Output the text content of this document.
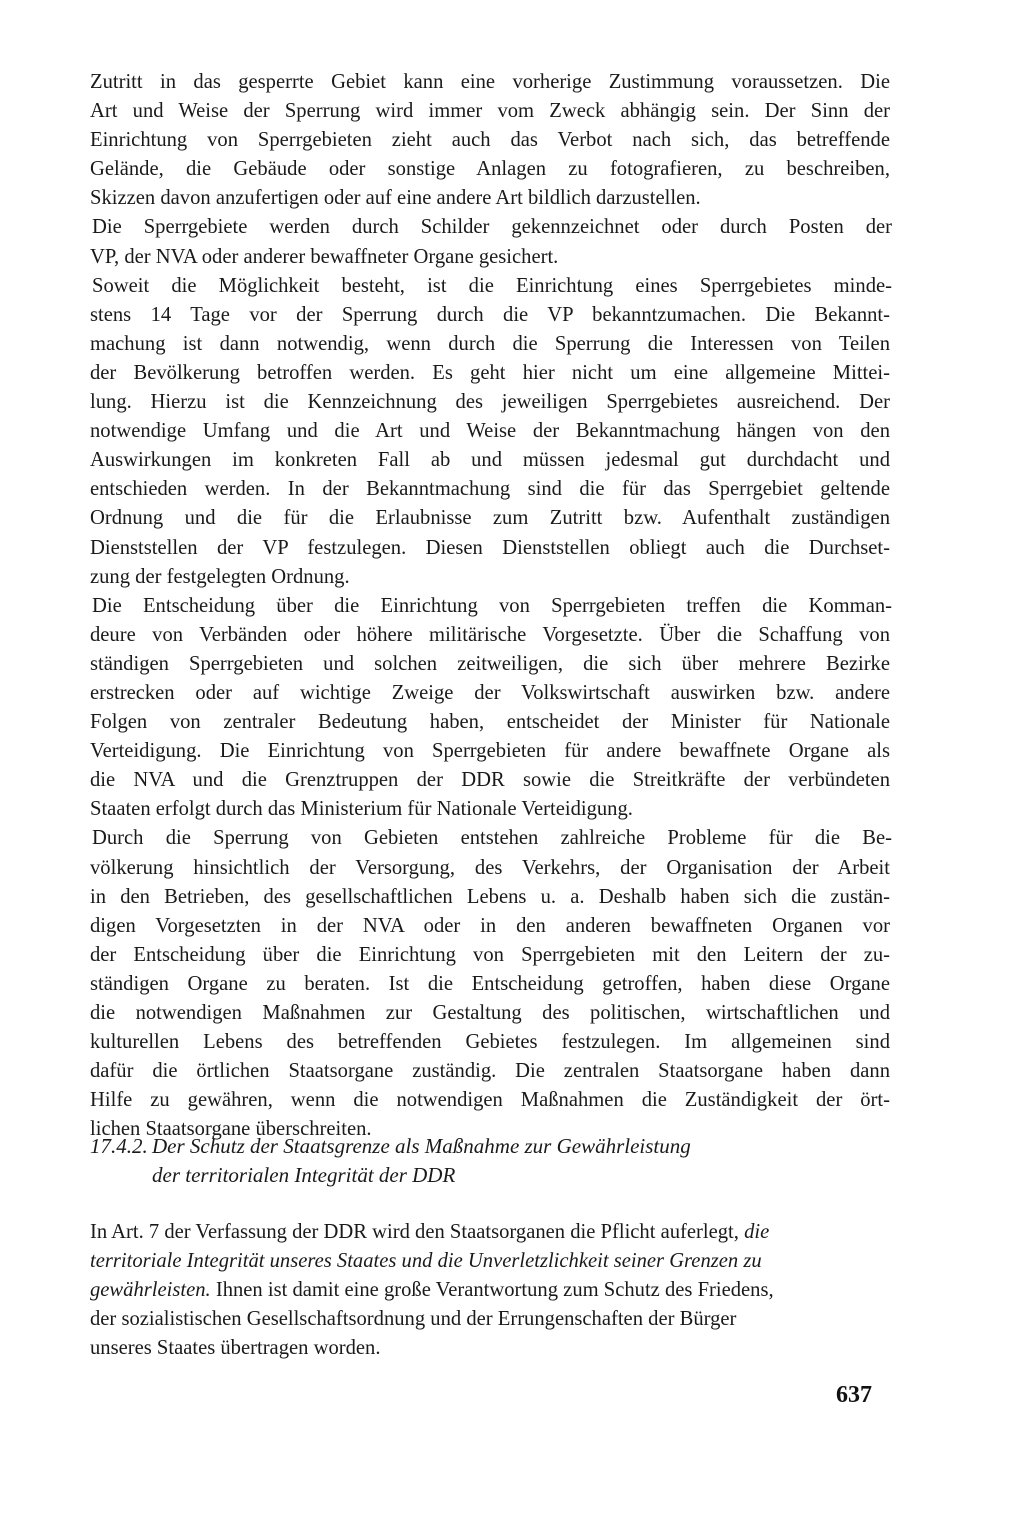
Zutritt in das gesperrte Gebiet kann eine vorherige Zustimmung voraussetzen. Die
Art und Weise der Sperrung wird immer vom Zweck abhängig sein. Der Sinn der
Einrichtung von Sperrgebieten zieht auch das Verbot nach sich, das betreffende
Gelände, die Gebäude oder sonstige Anlagen zu fotografieren, zu beschreiben,
Skizzen davon anzufertigen oder auf eine andere Art bildlich darzustellen.
Die Sperrgebiete werden durch Schilder gekennzeichnet oder durch Posten der
VP, der NVA oder anderer bewaffneter Organe gesichert.
Soweit die Möglichkeit besteht, ist die Einrichtung eines Sperrgebietes minde-
stens 14 Tage vor der Sperrung durch die VP bekanntzumachen. Die Bekannt-
machung ist dann notwendig, wenn durch die Sperrung die Interessen von Teilen
der Bevölkerung betroffen werden. Es geht hier nicht um eine allgemeine Mittei-
lung. Hierzu ist die Kennzeichnung des jeweiligen Sperrgebietes ausreichend. Der
notwendige Umfang und die Art und Weise der Bekanntmachung hängen von den
Auswirkungen im konkreten Fall ab und müssen jedesmal gut durchdacht und
entschieden werden. In der Bekanntmachung sind die für das Sperrgebiet geltende
Ordnung und die für die Erlaubnisse zum Zutritt bzw. Aufenthalt zuständigen
Dienststellen der VP festzulegen. Diesen Dienststellen obliegt auch die Durchset-
zung der festgelegten Ordnung.
Die Entscheidung über die Einrichtung von Sperrgebieten treffen die Komman-
deure von Verbänden oder höhere militärische Vorgesetzte. Über die Schaffung von
ständigen Sperrgebieten und solchen zeitweiligen, die sich über mehrere Bezirke
erstrecken oder auf wichtige Zweige der Volkswirtschaft auswirken bzw. andere
Folgen von zentraler Bedeutung haben, entscheidet der Minister für Nationale
Verteidigung. Die Einrichtung von Sperrgebieten für andere bewaffnete Organe als
die NVA und die Grenztruppen der DDR sowie die Streitkräfte der verbündeten
Staaten erfolgt durch das Ministerium für Nationale Verteidigung.
Durch die Sperrung von Gebieten entstehen zahlreiche Probleme für die Be-
völkerung hinsichtlich der Versorgung, des Verkehrs, der Organisation der Arbeit
in den Betrieben, des gesellschaftlichen Lebens u. a. Deshalb haben sich die zustän-
digen Vorgesetzten in der NVA oder in den anderen bewaffneten Organen vor
der Entscheidung über die Einrichtung von Sperrgebieten mit den Leitern der zu-
ständigen Organe zu beraten. Ist die Entscheidung getroffen, haben diese Organe
die notwendigen Maßnahmen zur Gestaltung des politischen, wirtschaftlichen und
kulturellen Lebens des betreffenden Gebietes festzulegen. Im allgemeinen sind
dafür die örtlichen Staatsorgane zuständig. Die zentralen Staatsorgane haben dann
Hilfe zu gewähren, wenn die notwendigen Maßnahmen die Zuständigkeit der ört-
lichen Staatsorgane überschreiten.
17.4.2. Der Schutz der Staatsgrenze als Maßnahme zur Gewährleistung
der territorialen Integrität der DDR
In Art. 7 der Verfassung der DDR wird den Staatsorganen die Pflicht auferlegt, die
territoriale Integrität unseres Staates und die Unverletzlichkeit seiner Grenzen zu
gewährleisten. Ihnen ist damit eine große Verantwortung zum Schutz des Friedens,
der sozialistischen Gesellschaftsordnung und der Errungenschaften der Bürger
unseres Staates übertragen worden.
637
